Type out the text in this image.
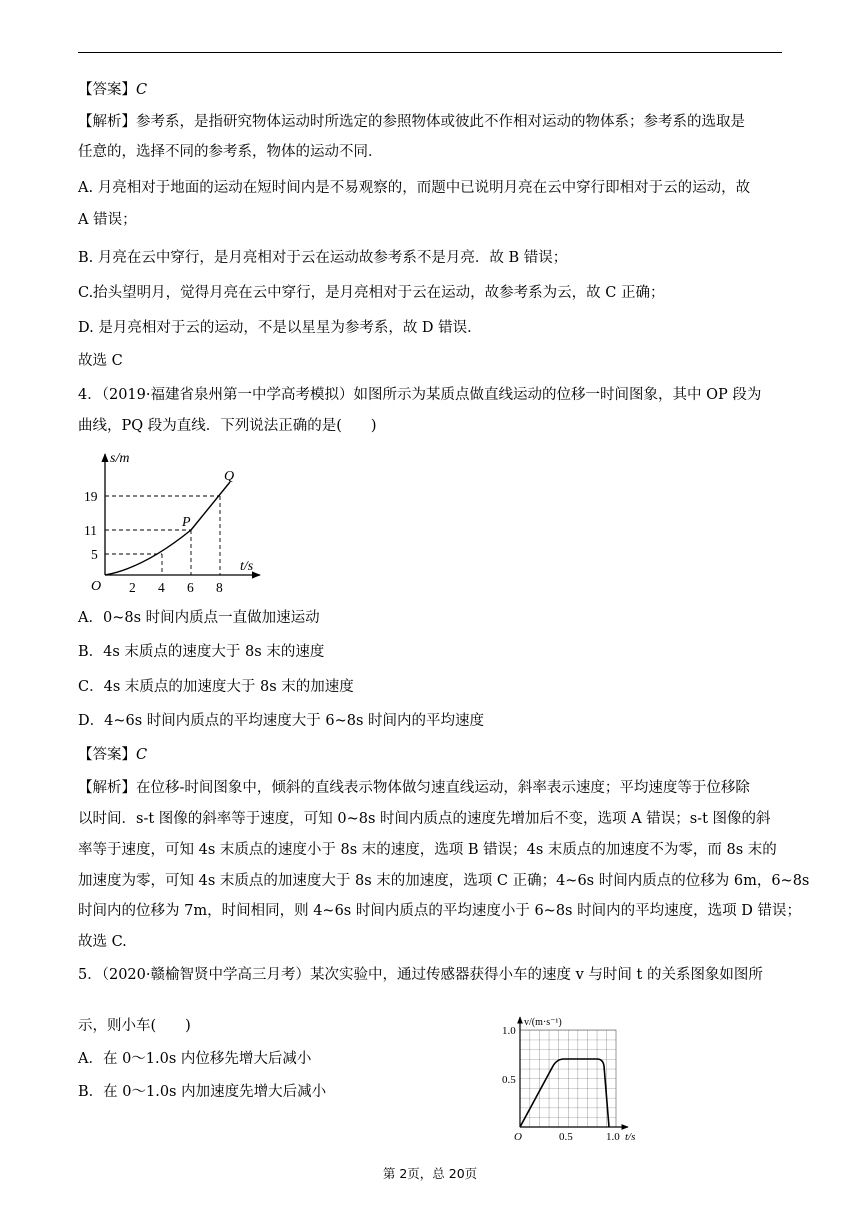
【答案】C
【解析】参考系，是指研究物体运动时所选定的参照物体或彼此不作相对运动的物体系；参考系的选取是
任意的，选择不同的参考系，物体的运动不同．
A. 月亮相对于地面的运动在短时间内是不易观察的，而题中已说明月亮在云中穿行即相对于云的运动，故
A 错误；
B. 月亮在云中穿行，是月亮相对于云在运动故参考系不是月亮．故 B 错误；
C.抬头望明月，觉得月亮在云中穿行，是月亮相对于云在运动，故参考系为云，故 C 正确；
D. 是月亮相对于云的运动，不是以星星为参考系，故 D 错误．
故选 C
4．（2019·福建省泉州第一中学高考模拟）如图所示为某质点做直线运动的位移一时间图象，其中 OP 段为
曲线，PQ 段为直线．下列说法正确的是(　　)
s/m
t/s
O
19
11
5
2 4 6 8
P
Q
A．0~8s 时间内质点一直做加速运动
B．4s 末质点的速度大于 8s 末的速度
C．4s 末质点的加速度大于 8s 末的加速度
D．4~6s 时间内质点的平均速度大于 6~8s 时间内的平均速度
【答案】C
【解析】在位移-时间图象中，倾斜的直线表示物体做匀速直线运动，斜率表示速度；平均速度等于位移除
以时间．s-t 图像的斜率等于速度，可知 0~8s 时间内质点的速度先增加后不变，选项 A 错误；s-t 图像的斜
率等于速度，可知 4s 末质点的速度小于 8s 末的速度，选项 B 错误；4s 末质点的加速度不为零，而 8s 末的
加速度为零，可知 4s 末质点的加速度大于 8s 末的加速度，选项 C 正确；4~6s 时间内质点的位移为 6m，6~8s
时间内的位移为 7m，时间相同，则 4~6s 时间内质点的平均速度小于 6~8s 时间内的平均速度，选项 D 错误；
故选 C.
5．（2020·赣榆智贤中学高三月考）某次实验中，通过传感器获得小车的速度 v 与时间 t 的关系图象如图所
示，则小车(　　)
A．在 0～1.0s 内位移先增大后减小
B．在 0～1.0s 内加速度先增大后减小
v/(m·s⁻¹)
1.0
0.5
O	0.5	1.0 t/s
第 2页，总 20页
